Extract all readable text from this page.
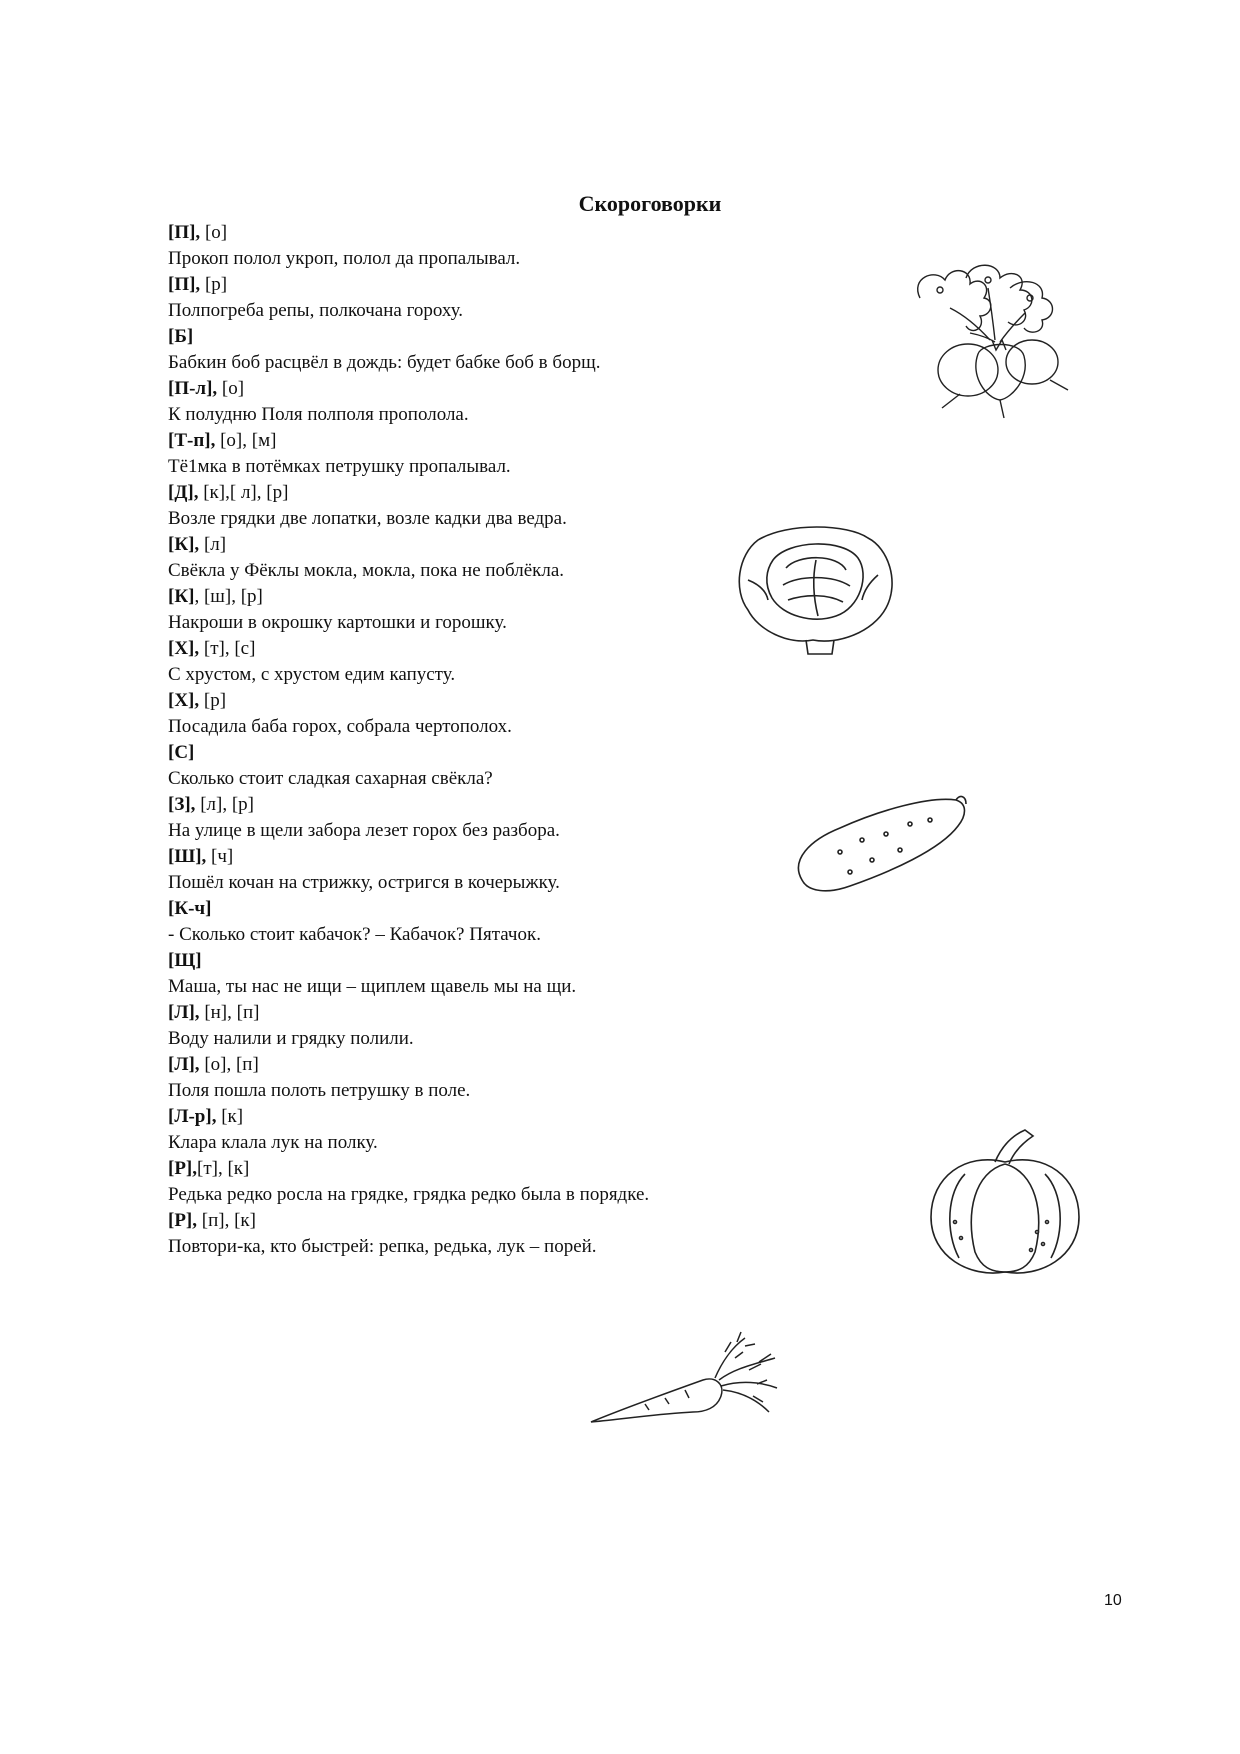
Скороговорки
[П], [о]
Прокоп полол укроп, полол да пропалывал.
[П], [р]
Полпогреба репы, полкочана гороху.
[Б]
Бабкин боб расцвёл в дождь: будет бабке боб в борщ.
[П-л], [о]
К полудню Поля полполя прополола.
[Т-п], [о], [м]
Тё1мка в потёмках петрушку пропалывал.
[Д], [к],[ л], [р]
Возле грядки две лопатки, возле кадки два ведра.
[К], [л]
Свёкла у Фёклы мокла, мокла, пока не поблёкла.
[К], [ш], [р]
Накроши в окрошку картошки и горошку.
[Х], [т], [с]
С хрустом, с хрустом едим капусту.
[Х], [р]
Посадила баба горох, собрала чертополох.
[С]
Сколько стоит сладкая сахарная свёкла?
[З], [л], [р]
На улице в щели забора лезет горох без разбора.
[Ш], [ч]
Пошёл кочан на стрижку, остригся в кочерыжку.
[К-ч]
- Сколько стоит кабачок? – Кабачок? Пятачок.
[Щ]
Маша, ты нас не ищи – щиплем щавель мы на щи.
[Л], [н], [п]
Воду налили и грядку полили.
[Л], [о], [п]
Поля пошла полоть петрушку в поле.
[Л-р], [к]
Клара клала лук на полку.
[Р],[т], [к]
Редька редко росла на грядке, грядка редко была в порядке.
[Р], [п], [к]
Повтори-ка, кто быстрей: репка, редька, лук – порей.
10
